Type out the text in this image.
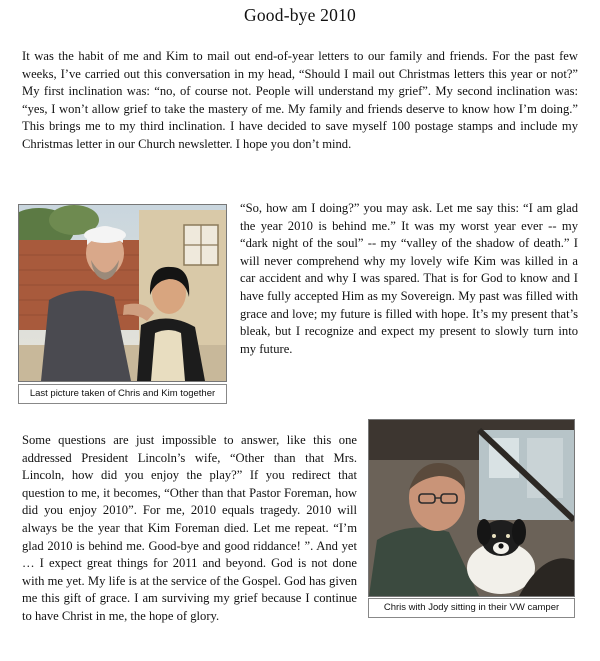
Good-bye 2010

It was the habit of me and Kim to mail out end-of-year letters to our family and friends. For the past few weeks, I’ve carried out this conversation in my head, “Should I mail out Christmas letters this year or not?” My first inclination was: “no, of course not. People will understand my grief”. My second inclination was: “yes, I won’t allow grief to take the mastery of me. My family and friends deserve to know how I’m doing.” This brings me to my third inclination. I have decided to save myself 100 postage stamps and include my Christmas letter in our Church newsletter. I hope you don’t mind.

Last picture taken of Chris and Kim together

“So, how am I doing?” you may ask. Let me say this: “I am glad the year 2010 is behind me.” It was my worst year ever -- my “dark night of the soul” -- my “valley of the shadow of death.” I will never comprehend why my lovely wife Kim was killed in a car accident and why I was spared. That is for God to know and I have fully accepted Him as my Sovereign. My past was filled with grace and love; my future is filled with hope. It’s my present that’s bleak, but I recognize and expect my present to slowly turn into my future.

Some questions are just impossible to answer, like this one addressed President Lincoln’s wife, “Other than that Mrs. Lincoln, how did you enjoy the play?” If you redirect that question to me, it becomes, “Other than that Pastor Foreman, how did you enjoy 2010”. For me, 2010 equals tragedy. 2010 will always be the year that Kim Foreman died. Let me repeat. “I’m glad 2010 is behind me. Good-bye and good riddance! ”. And yet … I expect great things for 2011 and beyond. God is not done with me yet. My life is at the service of the Gospel. God has given me this gift of grace. I am surviving my grief because I continue to have Christ in me, the hope of glory.

Chris with Jody sitting in their VW camper
